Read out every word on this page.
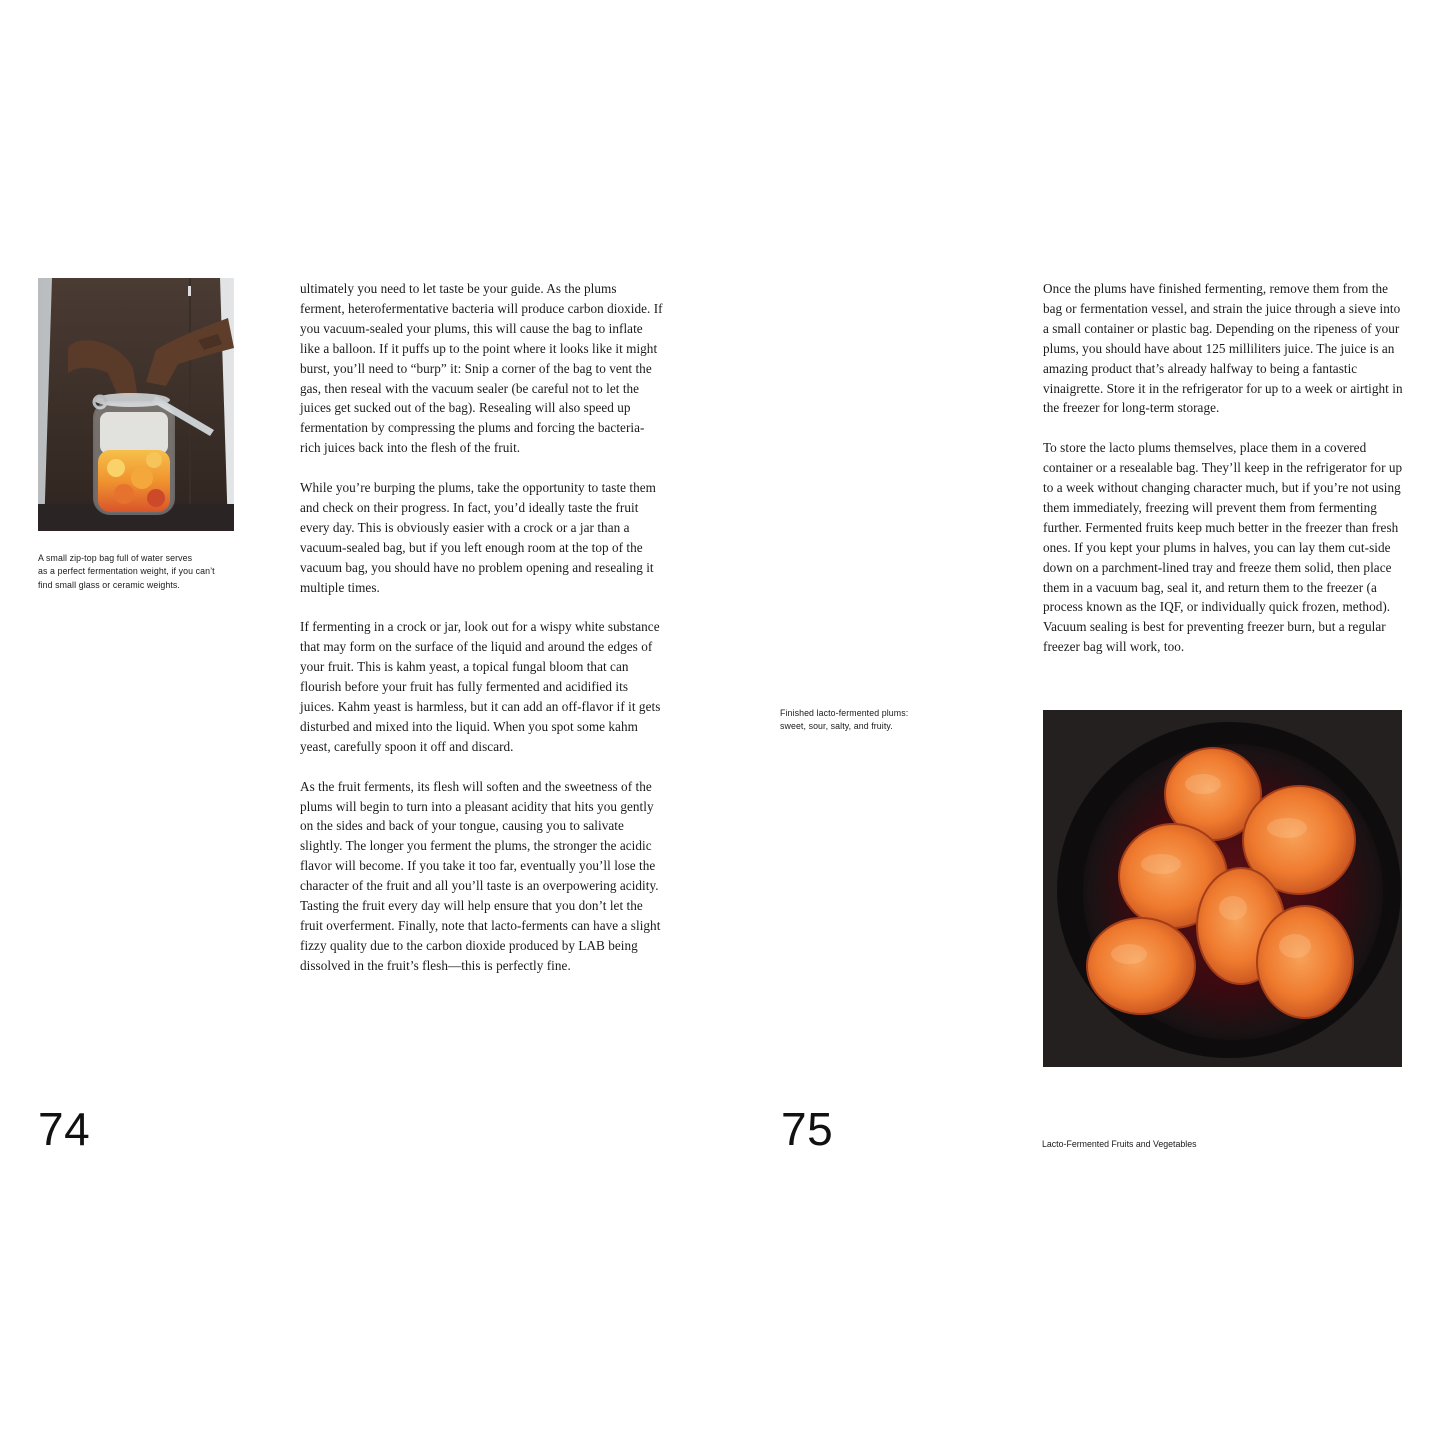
A small zip-top bag full of water serves
as a perfect fermentation weight, if you can’t
find small glass or ceramic weights.

ultimately you need to let taste be your guide. As the plums ferment, heterofermentative bacteria will produce carbon dioxide. If you vacuum-sealed your plums, this will cause the bag to inflate like a balloon. If it puffs up to the point where it looks like it might burst, you’ll need to “burp” it: Snip a corner of the bag to vent the gas, then reseal with the vacuum sealer (be careful not to let the juices get sucked out of the bag). Resealing will also speed up fermentation by compressing the plums and forcing the bacteria-rich juices back into the flesh of the fruit.

While you’re burping the plums, take the opportunity to taste them and check on their progress. In fact, you’d ideally taste the fruit every day. This is obviously easier with a crock or a jar than a vacuum-sealed bag, but if you left enough room at the top of the vacuum bag, you should have no problem opening and resealing it multiple times.

If fermenting in a crock or jar, look out for a wispy white substance that may form on the surface of the liquid and around the edges of your fruit. This is kahm yeast, a topical fungal bloom that can flourish before your fruit has fully fermented and acidified its juices. Kahm yeast is harmless, but it can add an off-flavor if it gets disturbed and mixed into the liquid. When you spot some kahm yeast, carefully spoon it off and discard.

As the fruit ferments, its flesh will soften and the sweetness of the plums will begin to turn into a pleasant acidity that hits you gently on the sides and back of your tongue, causing you to salivate slightly. The longer you ferment the plums, the stronger the acidic flavor will become. If you take it too far, eventually you’ll lose the character of the fruit and all you’ll taste is an overpowering acidity. Tasting the fruit every day will help ensure that you don’t let the fruit overferment. Finally, note that lacto-ferments can have a slight fizzy quality due to the carbon dioxide produced by LAB being dissolved in the fruit’s flesh—this is perfectly fine.

74

Once the plums have finished fermenting, remove them from the bag or fermentation vessel, and strain the juice through a sieve into a small container or plastic bag. Depending on the ripeness of your plums, you should have about 125 milliliters juice. The juice is an amazing product that’s already halfway to being a fantastic vinaigrette. Store it in the refrigerator for up to a week or airtight in the freezer for long-term storage.

To store the lacto plums themselves, place them in a covered container or a resealable bag. They’ll keep in the refrigerator for up to a week without changing character much, but if you’re not using them immediately, freezing will prevent them from fermenting further. Fermented fruits keep much better in the freezer than fresh ones. If you kept your plums in halves, you can lay them cut-side down on a parchment-lined tray and freeze them solid, then place them in a vacuum bag, seal it, and return them to the freezer (a process known as the IQF, or individually quick frozen, method). Vacuum sealing is best for preventing freezer burn, but a regular freezer bag will work, too.

Finished lacto-fermented plums:
sweet, sour, salty, and fruity.
75	Lacto-Fermented Fruits and Vegetables
